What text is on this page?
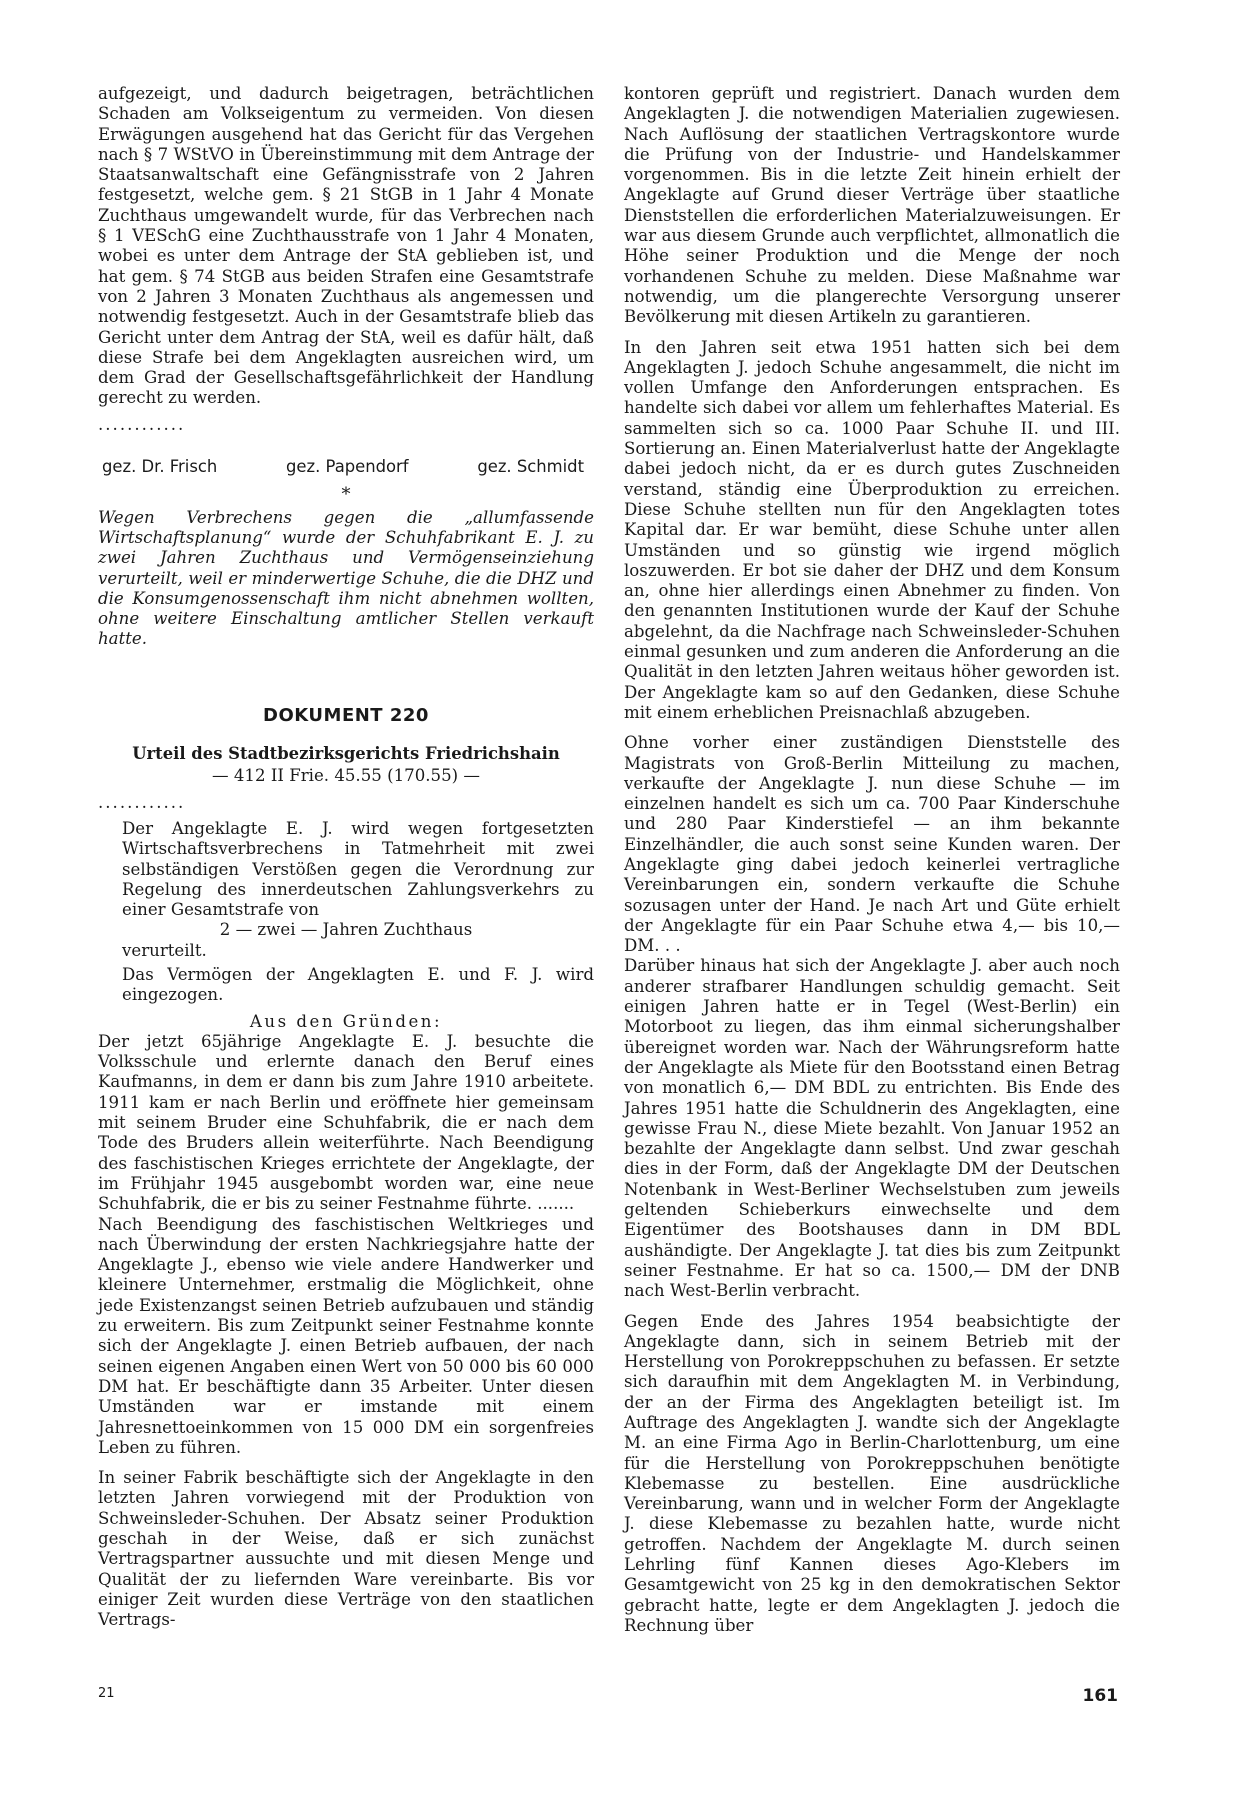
aufgezeigt, und dadurch beigetragen, beträchtlichen Schaden am Volkseigentum zu vermeiden. Von diesen Erwägungen ausgehend hat das Gericht für das Vergehen nach § 7 WStVO in Übereinstimmung mit dem Antrage der Staatsanwaltschaft eine Gefängnisstrafe von 2 Jahren festgesetzt, welche gem. § 21 StGB in 1 Jahr 4 Monate Zuchthaus umgewandelt wurde, für das Verbrechen nach § 1 VESchG eine Zuchthausstrafe von 1 Jahr 4 Monaten, wobei es unter dem Antrage der StA geblieben ist, und hat gem. § 74 StGB aus beiden Strafen eine Gesamtstrafe von 2 Jahren 3 Monaten Zuchthaus als angemessen und notwendig festgesetzt. Auch in der Gesamtstrafe blieb das Gericht unter dem Antrag der StA, weil es dafür hält, daß diese Strafe bei dem Angeklagten ausreichen wird, um dem Grad der Gesellschaftsgefährlichkeit der Handlung gerecht zu werden.

............

gez. Dr. Frisch	gez. Papendorf	gez. Schmidt

*

Wegen Verbrechens gegen die „allumfassende Wirtschaftsplanung“ wurde der Schuhfabrikant E. J. zu zwei Jahren Zuchthaus und Vermögenseinziehung verurteilt, weil er minderwertige Schuhe, die die DHZ und die Konsumgenossenschaft ihm nicht abnehmen wollten, ohne weitere Einschaltung amtlicher Stellen verkauft hatte.

DOKUMENT 220

Urteil des Stadtbezirksgerichts Friedrichshain

— 412 II Frie. 45.55 (170.55) —

............

Der Angeklagte E. J. wird wegen fortgesetzten Wirtschaftsverbrechens in Tatmehrheit mit zwei selbständigen Verstößen gegen die Verordnung zur Regelung des innerdeutschen Zahlungsverkehrs zu einer Gesamtstrafe von

2 — zwei — Jahren Zuchthaus

verurteilt.

Das Vermögen der Angeklagten E. und F. J. wird eingezogen.

Aus den Gründen:

Der jetzt 65jährige Angeklagte E. J. besuchte die Volksschule und erlernte danach den Beruf eines Kaufmanns, in dem er dann bis zum Jahre 1910 arbeitete. 1911 kam er nach Berlin und eröffnete hier gemeinsam mit seinem Bruder eine Schuhfabrik, die er nach dem Tode des Bruders allein weiterführte. Nach Beendigung des faschistischen Krieges errichtete der Angeklagte, der im Frühjahr 1945 ausgebombt worden war, eine neue Schuhfabrik, die er bis zu seiner Festnahme führte. .......

Nach Beendigung des faschistischen Weltkrieges und nach Überwindung der ersten Nachkriegsjahre hatte der Angeklagte J., ebenso wie viele andere Handwerker und kleinere Unternehmer, erstmalig die Möglichkeit, ohne jede Existenzangst seinen Betrieb aufzubauen und ständig zu erweitern. Bis zum Zeitpunkt seiner Festnahme konnte sich der Angeklagte J. einen Betrieb aufbauen, der nach seinen eigenen Angaben einen Wert von 50 000 bis 60 000 DM hat. Er beschäftigte dann 35 Arbeiter. Unter diesen Umständen war er imstande mit einem Jahresnettoeinkommen von 15 000 DM ein sorgenfreies Leben zu führen.

In seiner Fabrik beschäftigte sich der Angeklagte in den letzten Jahren vorwiegend mit der Produktion von Schweinsleder-Schuhen. Der Absatz seiner Produktion geschah in der Weise, daß er sich zunächst Vertragspartner aussuchte und mit diesen Menge und Qualität der zu liefernden Ware vereinbarte. Bis vor einiger Zeit wurden diese Verträge von den staatlichen Vertrags-

kontoren geprüft und registriert. Danach wurden dem Angeklagten J. die notwendigen Materialien zugewiesen. Nach Auflösung der staatlichen Vertragskontore wurde die Prüfung von der Industrie- und Handelskammer vorgenommen. Bis in die letzte Zeit hinein erhielt der Angeklagte auf Grund dieser Verträge über staatliche Dienststellen die erforderlichen Materialzuweisungen. Er war aus diesem Grunde auch verpflichtet, allmonatlich die Höhe seiner Produktion und die Menge der noch vorhandenen Schuhe zu melden. Diese Maßnahme war notwendig, um die plangerechte Versorgung unserer Bevölkerung mit diesen Artikeln zu garantieren.

In den Jahren seit etwa 1951 hatten sich bei dem Angeklagten J. jedoch Schuhe angesammelt, die nicht im vollen Umfange den Anforderungen entsprachen. Es handelte sich dabei vor allem um fehlerhaftes Material. Es sammelten sich so ca. 1000 Paar Schuhe II. und III. Sortierung an. Einen Materialverlust hatte der Angeklagte dabei jedoch nicht, da er es durch gutes Zuschneiden verstand, ständig eine Überproduktion zu erreichen. Diese Schuhe stellten nun für den Angeklagten totes Kapital dar. Er war bemüht, diese Schuhe unter allen Umständen und so günstig wie irgend möglich loszuwerden. Er bot sie daher der DHZ und dem Konsum an, ohne hier allerdings einen Abnehmer zu finden. Von den genannten Institutionen wurde der Kauf der Schuhe abgelehnt, da die Nachfrage nach Schweinsleder-Schuhen einmal gesunken und zum anderen die Anforderung an die Qualität in den letzten Jahren weitaus höher geworden ist. Der Angeklagte kam so auf den Gedanken, diese Schuhe mit einem erheblichen Preisnachlaß abzugeben.

Ohne vorher einer zuständigen Dienststelle des Magistrats von Groß-Berlin Mitteilung zu machen, verkaufte der Angeklagte J. nun diese Schuhe — im einzelnen handelt es sich um ca. 700 Paar Kinderschuhe und 280 Paar Kinderstiefel — an ihm bekannte Einzelhändler, die auch sonst seine Kunden waren. Der Angeklagte ging dabei jedoch keinerlei vertragliche Vereinbarungen ein, sondern verkaufte die Schuhe sozusagen unter der Hand. Je nach Art und Güte erhielt der Angeklagte für ein Paar Schuhe etwa 4,— bis 10,— DM. . .

Darüber hinaus hat sich der Angeklagte J. aber auch noch anderer strafbarer Handlungen schuldig gemacht. Seit einigen Jahren hatte er in Tegel (West-Berlin) ein Motorboot zu liegen, das ihm einmal sicherungshalber übereignet worden war. Nach der Währungsreform hatte der Angeklagte als Miete für den Bootsstand einen Betrag von monatlich 6,— DM BDL zu entrichten. Bis Ende des Jahres 1951 hatte die Schuldnerin des Angeklagten, eine gewisse Frau N., diese Miete bezahlt. Von Januar 1952 an bezahlte der Angeklagte dann selbst. Und zwar geschah dies in der Form, daß der Angeklagte DM der Deutschen Notenbank in West-Berliner Wechselstuben zum jeweils geltenden Schieberkurs einwechselte und dem Eigentümer des Bootshauses dann in DM BDL aushändigte. Der Angeklagte J. tat dies bis zum Zeitpunkt seiner Festnahme. Er hat so ca. 1500,— DM der DNB nach West-Berlin verbracht.

Gegen Ende des Jahres 1954 beabsichtigte der Angeklagte dann, sich in seinem Betrieb mit der Herstellung von Porokreppschuhen zu befassen. Er setzte sich daraufhin mit dem Angeklagten M. in Verbindung, der an der Firma des Angeklagten beteiligt ist. Im Auftrage des Angeklagten J. wandte sich der Angeklagte M. an eine Firma Ago in Berlin-Charlottenburg, um eine für die Herstellung von Porokreppschuhen benötigte Klebemasse zu bestellen. Eine ausdrückliche Vereinbarung, wann und in welcher Form der Angeklagte J. diese Klebemasse zu bezahlen hatte, wurde nicht getroffen. Nachdem der Angeklagte M. durch seinen Lehrling fünf Kannen dieses Ago-Klebers im Gesamtgewicht von 25 kg in den demokratischen Sektor gebracht hatte, legte er dem Angeklagten J. jedoch die Rechnung über

21	161
